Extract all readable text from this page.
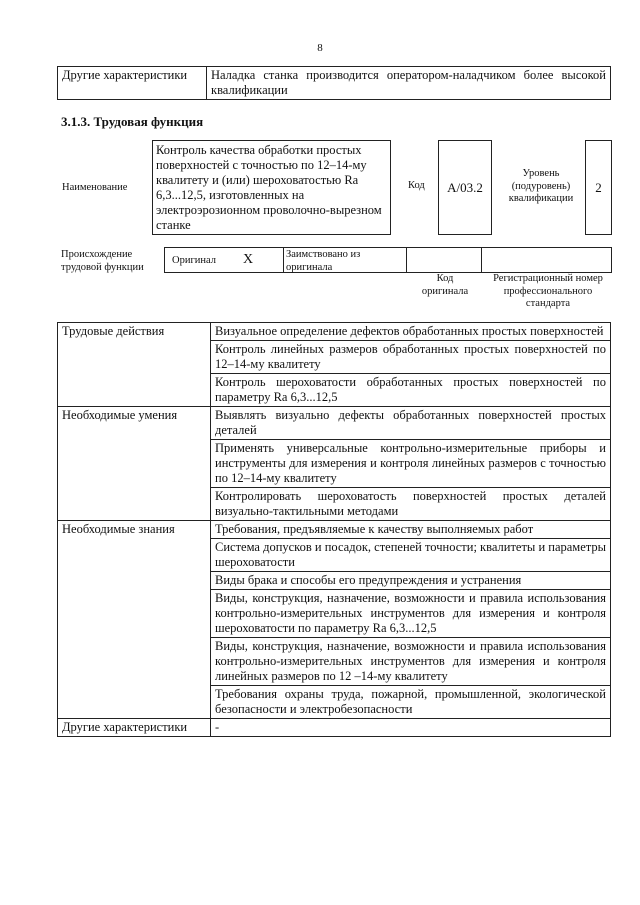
8
Другие характеристики	Наладка станка производится оператором-наладчиком более высокой квалификации
3.1.3. Трудовая функция
Наименование
Контроль качества обработки простых поверхностей с точностью по 12–14-му квалитету и (или) шероховатостью Ra 6,3...12,5, изготовленных на электроэрозионном проволочно-вырезном станке
Код	А/03.2
Уровень (подуровень) квалификации
2
Происхождение трудовой функции
Оригинал X	Заимствовано из оригинала
Код оригинала
Регистрационный номер профессионального стандарта
Трудовые действия	Визуальное определение дефектов обработанных простых поверхностей
	Контроль линейных размеров обработанных простых поверхностей по 12–14-му квалитету
	Контроль шероховатости обработанных простых поверхностей по параметру Ra 6,3...12,5
Необходимые умения	Выявлять визуально дефекты обработанных поверхностей простых деталей
	Применять универсальные контрольно-измерительные приборы и инструменты для измерения и контроля линейных размеров с точностью по 12–14-му квалитету
	Контролировать шероховатость поверхностей простых деталей визуально-тактильными методами
Необходимые знания	Требования, предъявляемые к качеству выполняемых работ
	Система допусков и посадок, степеней точности; квалитеты и параметры шероховатости
	Виды брака и способы его предупреждения и устранения
	Виды, конструкция, назначение, возможности и правила использования контрольно-измерительных инструментов для измерения и контроля шероховатости по параметру Ra 6,3...12,5
	Виды, конструкция, назначение, возможности и правила использования контрольно-измерительных инструментов для измерения и контроля линейных размеров по 12 –14-му квалитету
	Требования охраны труда, пожарной, промышленной, экологической безопасности и электробезопасности
Другие характеристики	-
